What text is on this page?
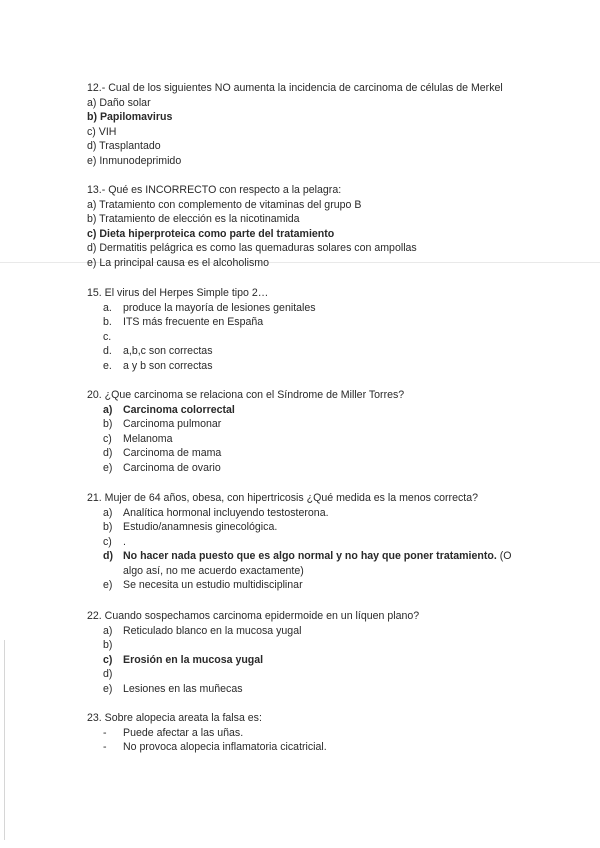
12.- Cual de los siguientes NO aumenta la incidencia de carcinoma de células de Merkel
a) Daño solar
b) Papilomavirus
c) VIH
d) Trasplantado
e) Inmunodeprimido
13.- Qué es INCORRECTO con respecto a la pelagra:
a) Tratamiento con complemento de vitaminas del grupo B
b) Tratamiento de elección es la nicotinamida
c) Dieta hiperproteica como parte del tratamiento
d) Dermatitis pelágrica es como las quemaduras solares con ampollas
e) La principal causa es el alcoholismo
15. El virus del Herpes Simple tipo 2…
a. produce la mayoría de lesiones genitales
b. ITS más frecuente en España
c.
d. a,b,c son correctas
e. a y b son correctas
20. ¿Que carcinoma se relaciona con el Síndrome de Miller Torres?
a) Carcinoma colorrectal
b) Carcinoma pulmonar
c) Melanoma
d) Carcinoma de mama
e) Carcinoma de ovario
21. Mujer de 64 años, obesa, con hipertricosis ¿Qué medida es la menos correcta?
a) Analítica hormonal incluyendo testosterona.
b) Estudio/anamnesis ginecológica.
c) .
d) No hacer nada puesto que es algo normal y no hay que poner tratamiento. (O
algo así, no me acuerdo exactamente)
e) Se necesita un estudio multidisciplinar
22. Cuando sospechamos carcinoma epidermoide en un líquen plano?
a) Reticulado blanco en la mucosa yugal
b)
c) Erosión en la mucosa yugal
d)
e) Lesiones en las muñecas
23. Sobre alopecia areata la falsa es:
- Puede afectar a las uñas.
- No provoca alopecia inflamatoria cicatricial.
